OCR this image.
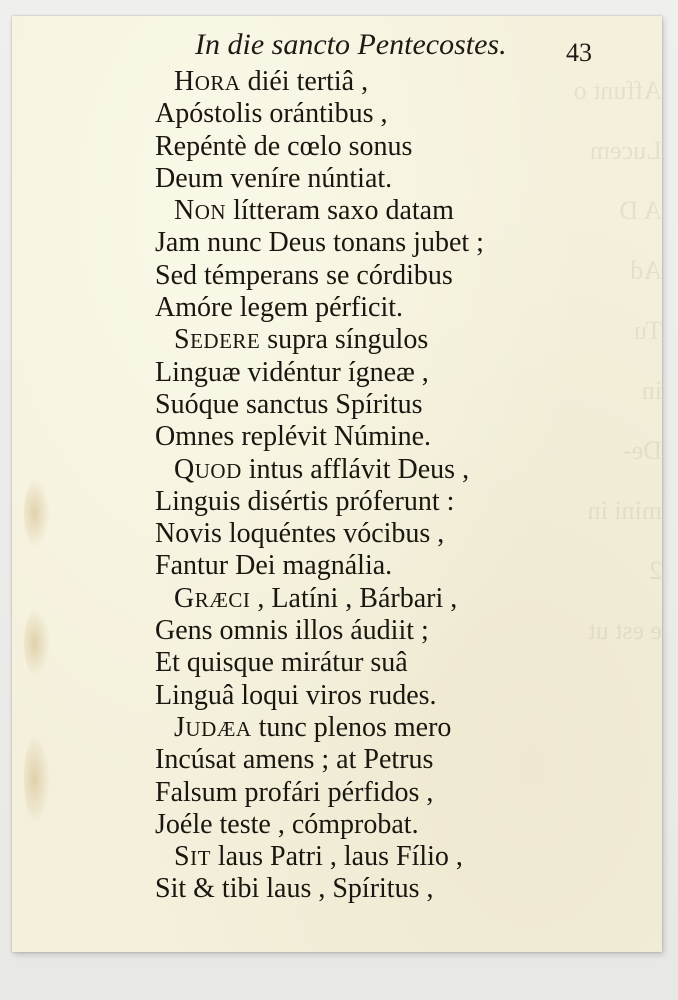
Affunt o
Lucem
A D
Ad
Tu
in
De-
mini in
2
e est ut
In die sancto Pentecostes. 43
HORA diéi tertiâ ,
Apóstolis orántibus ,
Repéntè de cœlo sonus
Deum veníre núntiat.
NON lítteram saxo datam
Jam nunc Deus tonans jubet ;
Sed témperans se córdibus
Amóre legem pérficit.
SEDERE supra síngulos
Linguæ vidéntur ígneæ ,
Suóque sanctus Spíritus
Omnes replévit Númine.
QUOD intus afflávit Deus ,
Linguis disértis próferunt :
Novis loquéntes vócibus ,
Fantur Dei magnália.
GRÆCI , Latíni , Bárbari ,
Gens omnis illos áudiit ;
Et quisque mirátur suâ
Linguâ loqui viros rudes.
JUDÆA tunc plenos mero
Incúsat amens ; at Petrus
Falsum profári pérfidos ,
Joéle teste , cómprobat.
SIT laus Patri , laus Fílio ,
Sit & tibi laus , Spíritus ,
